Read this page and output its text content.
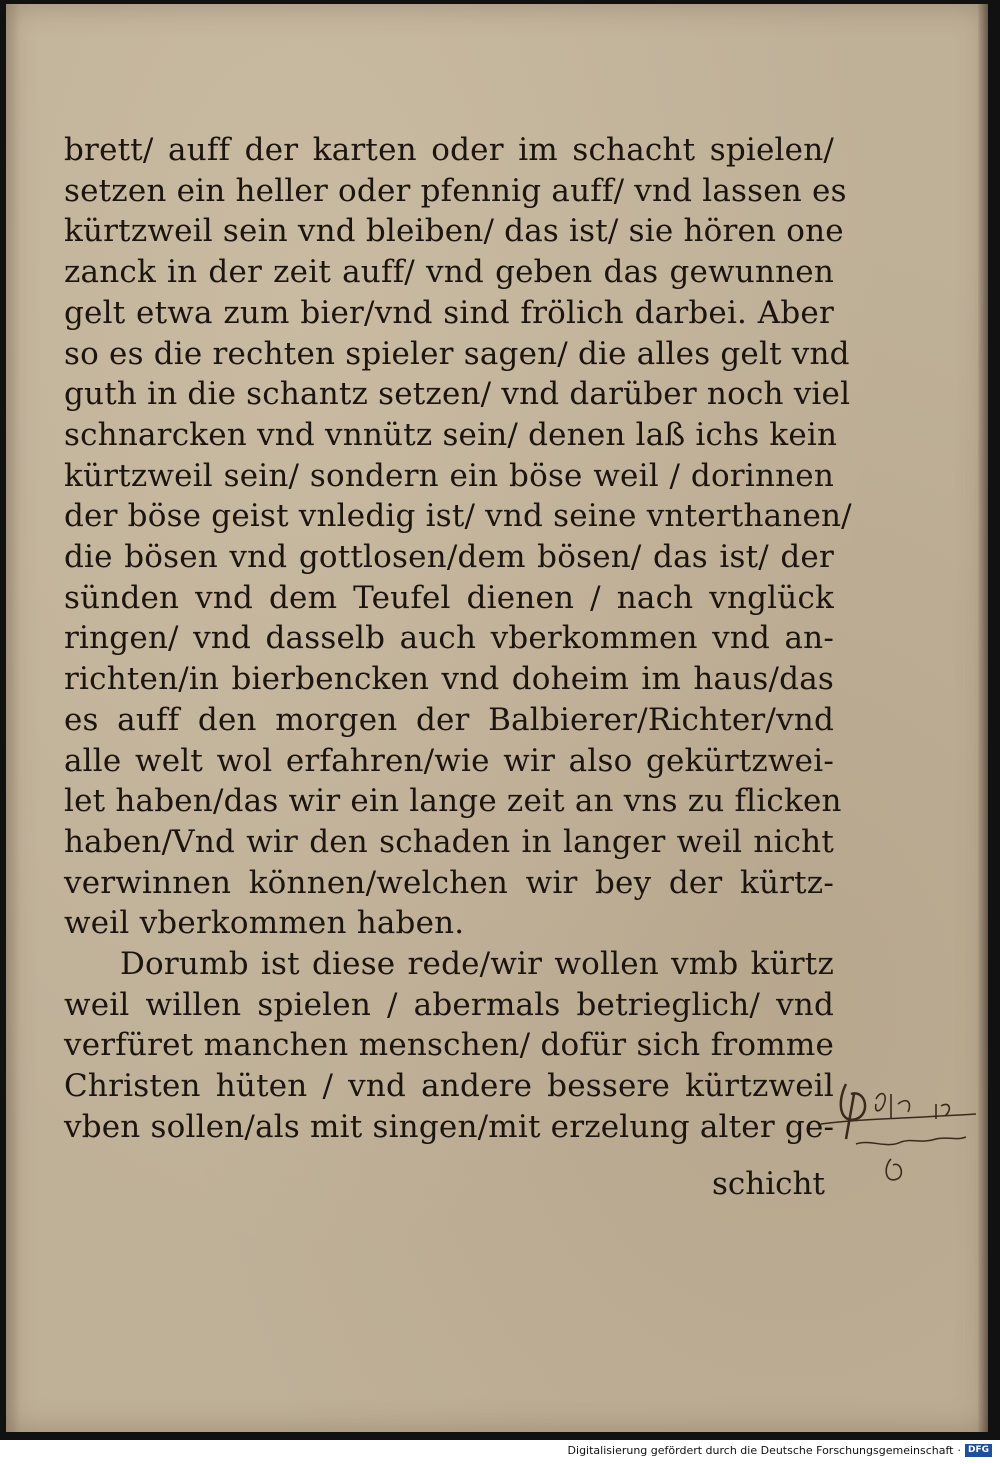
brett/ auff der karten oder im schacht spielen/
setzen ein heller oder pfennig auff/ vnd lassen es
kürtzweil sein vnd bleiben/ das ist/ sie hören one
zanck in der zeit auff/ vnd geben das gewunnen
gelt etwa zum bier/vnd sind frölich darbei. Aber
so es die rechten spieler sagen/ die alles gelt vnd
guth in die schantz setzen/ vnd darüber noch viel
schnarcken vnd vnnütz sein/ denen laß ichs kein
kürtzweil sein/ sondern ein böse weil / dorinnen
der böse geist vnledig ist/ vnd seine vnterthanen/
die bösen vnd gottlosen/dem bösen/ das ist/ der
sünden vnd dem Teufel dienen / nach vnglück
ringen/ vnd dasselb auch vberkommen vnd an-
richten/in bierbencken vnd doheim im haus/das
es auff den morgen der Balbierer/Richter/vnd
alle welt wol erfahren/wie wir also gekürtzwei-
let haben/das wir ein lange zeit an vns zu flicken
haben/Vnd wir den schaden in langer weil nicht
verwinnen können/welchen wir bey der kürtz-
weil vberkommen haben.
Dorumb ist diese rede/wir wollen vmb kürtz
weil willen spielen / abermals betrieglich/ vnd
verfüret manchen menschen/ dofür sich fromme
Christen hüten / vnd andere bessere kürtzweil
vben sollen/als mit singen/mit erzelung alter ge-
schicht
Digitalisierung gefördert durch die Deutsche Forschungsgemeinschaft · DFG
